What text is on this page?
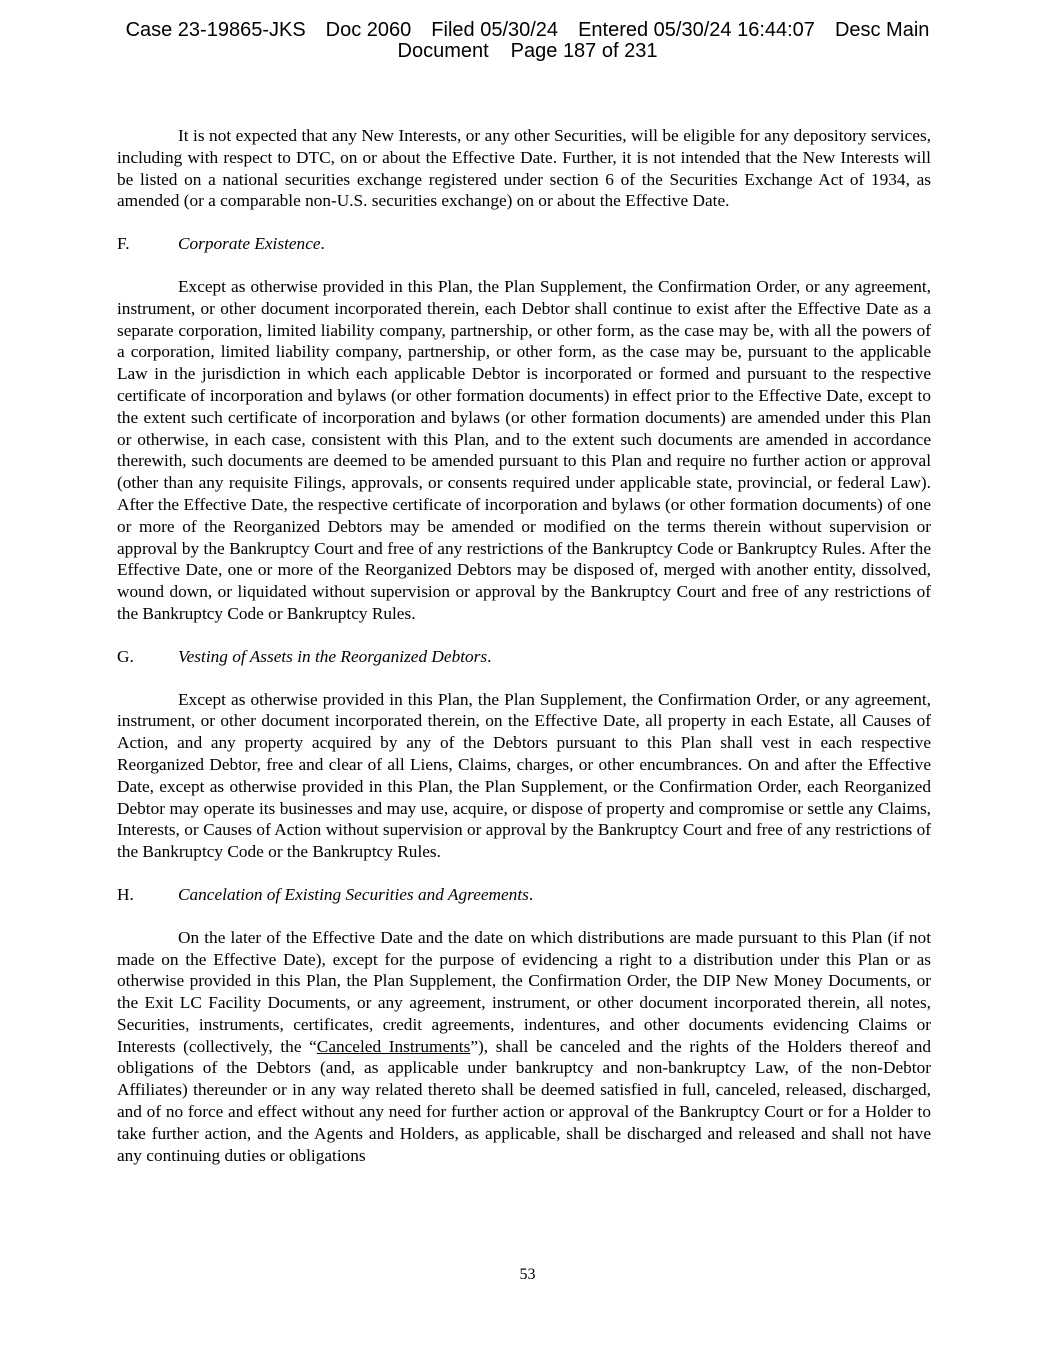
Case 23-19865-JKS Doc 2060 Filed 05/30/24 Entered 05/30/24 16:44:07 Desc Main
Document Page 187 of 231

It is not expected that any New Interests, or any other Securities, will be eligible for any depository services, including with respect to DTC, on or about the Effective Date. Further, it is not intended that the New Interests will be listed on a national securities exchange registered under section 6 of the Securities Exchange Act of 1934, as amended (or a comparable non-U.S. securities exchange) on or about the Effective Date.

F.	Corporate Existence.

Except as otherwise provided in this Plan, the Plan Supplement, the Confirmation Order, or any agreement, instrument, or other document incorporated therein, each Debtor shall continue to exist after the Effective Date as a separate corporation, limited liability company, partnership, or other form, as the case may be, with all the powers of a corporation, limited liability company, partnership, or other form, as the case may be, pursuant to the applicable Law in the jurisdiction in which each applicable Debtor is incorporated or formed and pursuant to the respective certificate of incorporation and bylaws (or other formation documents) in effect prior to the Effective Date, except to the extent such certificate of incorporation and bylaws (or other formation documents) are amended under this Plan or otherwise, in each case, consistent with this Plan, and to the extent such documents are amended in accordance therewith, such documents are deemed to be amended pursuant to this Plan and require no further action or approval (other than any requisite Filings, approvals, or consents required under applicable state, provincial, or federal Law). After the Effective Date, the respective certificate of incorporation and bylaws (or other formation documents) of one or more of the Reorganized Debtors may be amended or modified on the terms therein without supervision or approval by the Bankruptcy Court and free of any restrictions of the Bankruptcy Code or Bankruptcy Rules. After the Effective Date, one or more of the Reorganized Debtors may be disposed of, merged with another entity, dissolved, wound down, or liquidated without supervision or approval by the Bankruptcy Court and free of any restrictions of the Bankruptcy Code or Bankruptcy Rules.

G.	Vesting of Assets in the Reorganized Debtors.

Except as otherwise provided in this Plan, the Plan Supplement, the Confirmation Order, or any agreement, instrument, or other document incorporated therein, on the Effective Date, all property in each Estate, all Causes of Action, and any property acquired by any of the Debtors pursuant to this Plan shall vest in each respective Reorganized Debtor, free and clear of all Liens, Claims, charges, or other encumbrances. On and after the Effective Date, except as otherwise provided in this Plan, the Plan Supplement, or the Confirmation Order, each Reorganized Debtor may operate its businesses and may use, acquire, or dispose of property and compromise or settle any Claims, Interests, or Causes of Action without supervision or approval by the Bankruptcy Court and free of any restrictions of the Bankruptcy Code or the Bankruptcy Rules.

H.	Cancelation of Existing Securities and Agreements.

On the later of the Effective Date and the date on which distributions are made pursuant to this Plan (if not made on the Effective Date), except for the purpose of evidencing a right to a distribution under this Plan or as otherwise provided in this Plan, the Plan Supplement, the Confirmation Order, the DIP New Money Documents, or the Exit LC Facility Documents, or any agreement, instrument, or other document incorporated therein, all notes, Securities, instruments, certificates, credit agreements, indentures, and other documents evidencing Claims or Interests (collectively, the “Canceled Instruments”), shall be canceled and the rights of the Holders thereof and obligations of the Debtors (and, as applicable under bankruptcy and non-bankruptcy Law, of the non-Debtor Affiliates) thereunder or in any way related thereto shall be deemed satisfied in full, canceled, released, discharged, and of no force and effect without any need for further action or approval of the Bankruptcy Court or for a Holder to take further action, and the Agents and Holders, as applicable, shall be discharged and released and shall not have any continuing duties or obligations

53
